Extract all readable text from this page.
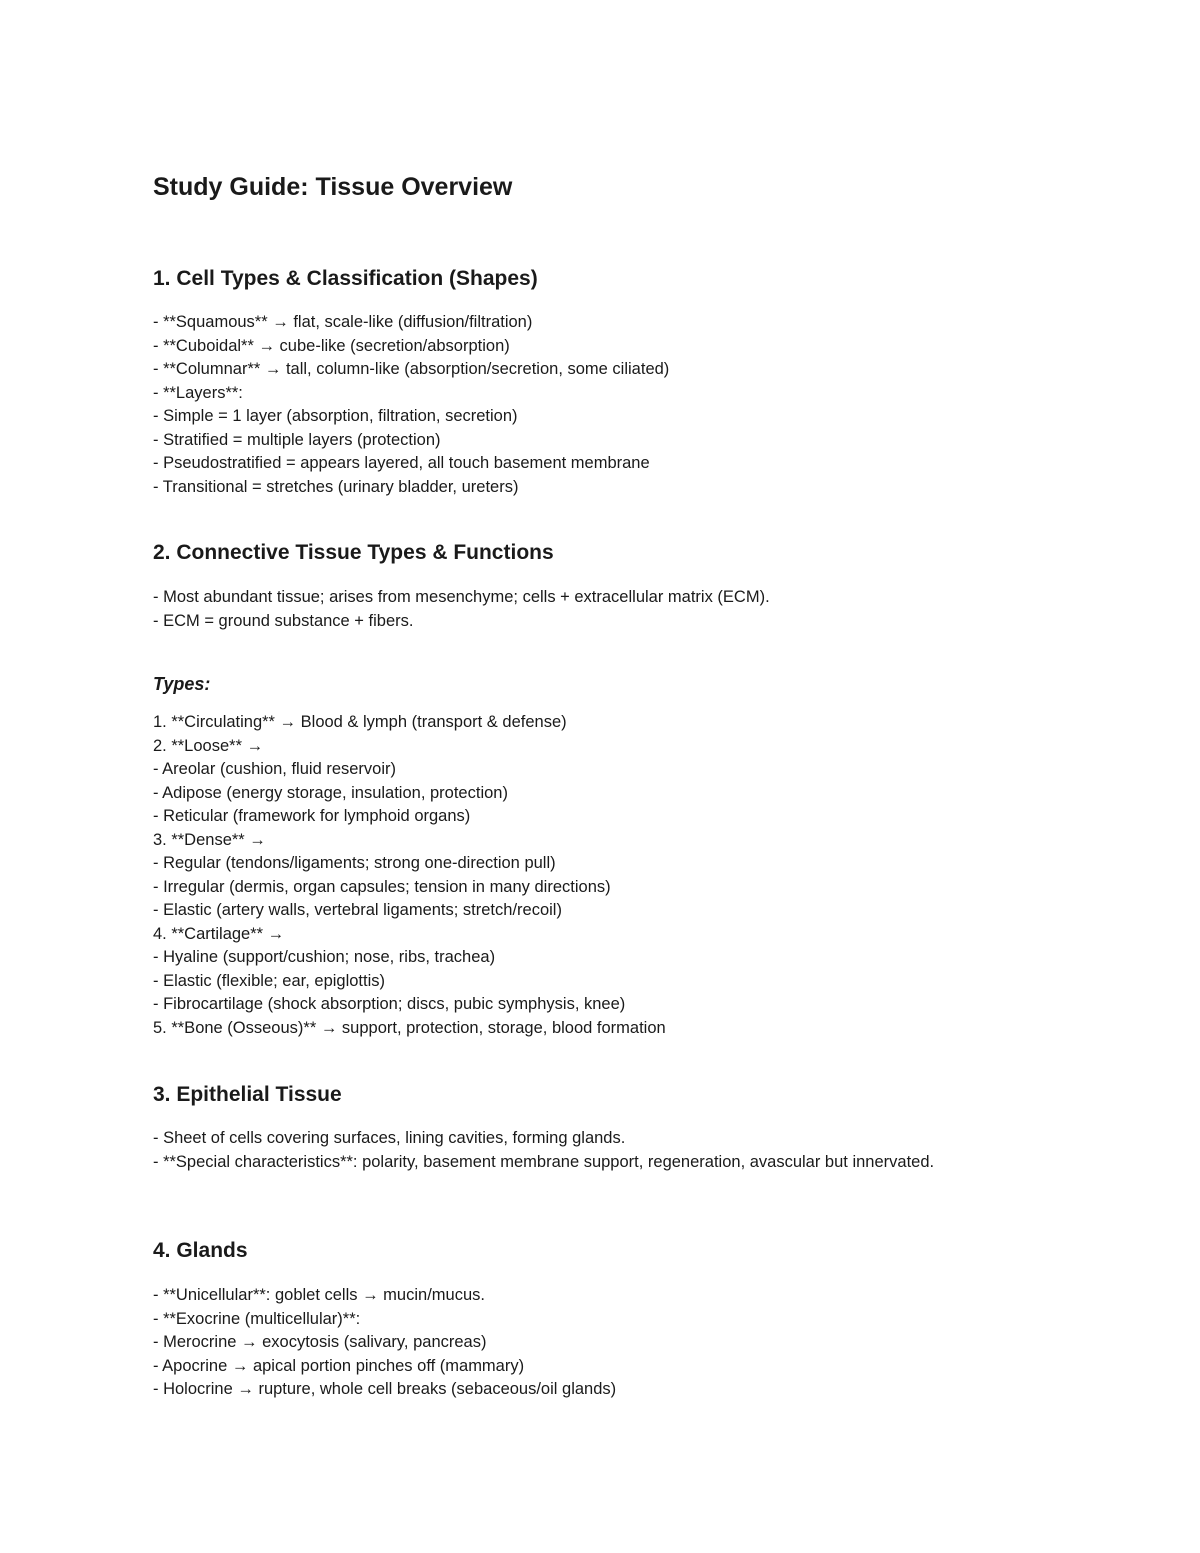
Study Guide: Tissue Overview
1. Cell Types & Classification (Shapes)
- **Squamous** → flat, scale-like (diffusion/filtration)
- **Cuboidal** → cube-like (secretion/absorption)
- **Columnar** → tall, column-like (absorption/secretion, some ciliated)
- **Layers**:
- Simple = 1 layer (absorption, filtration, secretion)
- Stratified = multiple layers (protection)
- Pseudostratified = appears layered, all touch basement membrane
- Transitional = stretches (urinary bladder, ureters)
2. Connective Tissue Types & Functions
- Most abundant tissue; arises from mesenchyme; cells + extracellular matrix (ECM).
- ECM = ground substance + fibers.
Types:
1. **Circulating** → Blood & lymph (transport & defense)
2. **Loose** →
- Areolar (cushion, fluid reservoir)
- Adipose (energy storage, insulation, protection)
- Reticular (framework for lymphoid organs)
3. **Dense** →
- Regular (tendons/ligaments; strong one-direction pull)
- Irregular (dermis, organ capsules; tension in many directions)
- Elastic (artery walls, vertebral ligaments; stretch/recoil)
4. **Cartilage** →
- Hyaline (support/cushion; nose, ribs, trachea)
- Elastic (flexible; ear, epiglottis)
- Fibrocartilage (shock absorption; discs, pubic symphysis, knee)
5. **Bone (Osseous)** → support, protection, storage, blood formation
3. Epithelial Tissue
- Sheet of cells covering surfaces, lining cavities, forming glands.
- **Special characteristics**: polarity, basement membrane support, regeneration, avascular but innervated.
4. Glands
- **Unicellular**: goblet cells → mucin/mucus.
- **Exocrine (multicellular)**:
- Merocrine → exocytosis (salivary, pancreas)
- Apocrine → apical portion pinches off (mammary)
- Holocrine → rupture, whole cell breaks (sebaceous/oil glands)
